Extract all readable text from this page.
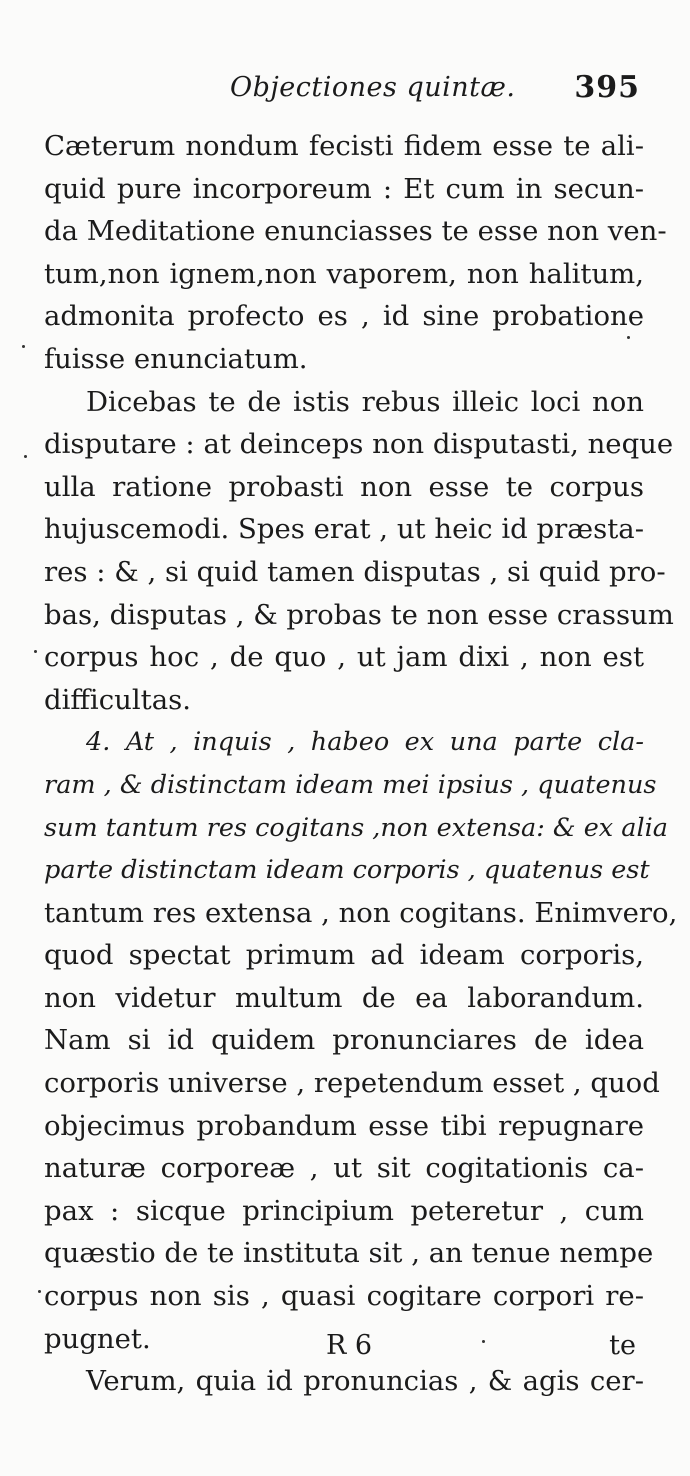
Objectiones quintæ. 395
Cæterum nondum fecisti fidem esse te ali-
quid pure incorporeum : Et cum in secun-
da Meditatione enunciasses te esse non ven-
tum,non ignem,non vaporem, non halitum,
admonita profecto es , id sine probatione
fuisse enunciatum.
Dicebas te de istis rebus illeic loci non
disputare : at deinceps non disputasti, neque
ulla ratione probasti non esse te corpus
hujuscemodi. Spes erat , ut heic id præsta-
res : & , si quid tamen disputas , si quid pro-
bas, disputas , & probas te non esse crassum
corpus hoc , de quo , ut jam dixi , non est
difficultas.
4. At , inquis , habeo ex una parte cla-
ram , & distinctam ideam mei ipsius , quatenus
sum tantum res cogitans ,non extensa: & ex alia
parte distinctam ideam corporis , quatenus est
tantum res extensa , non cogitans. Enimvero,
quod spectat primum ad ideam corporis,
non videtur multum de ea laborandum.
Nam si id quidem pronunciares de idea
corporis universe , repetendum esset , quod
objecimus probandum esse tibi repugnare
naturæ corporeæ , ut sit cogitationis ca-
pax : sicque principium peteretur , cum
quæstio de te instituta sit , an tenue nempe
corpus non sis , quasi cogitare corpori re-
pugnet.
Verum, quia id pronuncias , & agis cer-
R 6	te
